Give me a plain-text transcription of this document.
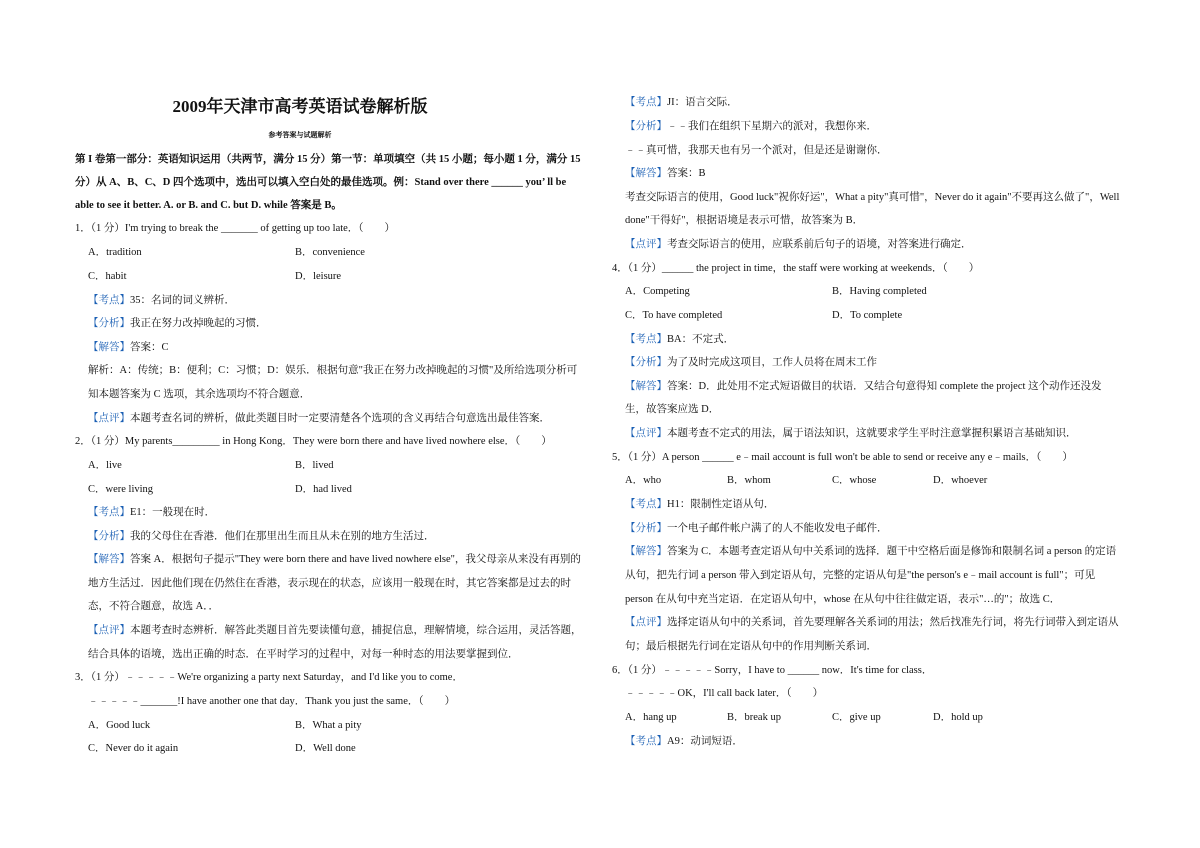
2009年天津市高考英语试卷解析版
参考答案与试题解析
第 I 卷第一部分：英语知识运用（共两节，满分 15 分）第一节：单项填空（共 15 小题；每小题 1 分，满分 15
分）从 A、B、C、D 四个选项中，选出可以填入空白处的最佳选项。例：Stand over there ______ you’ ll be
able to see it better. A. or B. and C. but D. while 答案是 B。
1．（1 分）I'm trying to break the _______ of getting up too late．（　　）
A．tradition	B．convenience
C．habit	D．leisure
【考点】35：名词的词义辨析．
【分析】我正在努力改掉晚起的习惯．
【解答】答案：C
解析：A：传统；B：便利；C：习惯；D：娱乐．根据句意"我正在努力改掉晚起的习惯"及所给选项分析可
知本题答案为 C 选项，其余选项均不符合题意．
【点评】本题考查名词的辨析，做此类题目时一定要清楚各个选项的含义再结合句意选出最佳答案．
2．（1 分）My parents_________ in Hong Kong．They were born there and have lived nowhere else．（　　）
A．live	B．lived
C．were living	D．had lived
【考点】E1：一般现在时．
【分析】我的父母住在香港．他们在那里出生而且从未在别的地方生活过．
【解答】答案 A．根据句子提示"They were born there and have lived nowhere else"，我父母亲从来没有再别的
地方生活过．因此他们现在仍然住在香港，表示现在的状态，应该用一般现在时，其它答案都是过去的时
态，不符合题意，故选 A．．
【点评】本题考查时态辨析．解答此类题目首先要读懂句意，捕捉信息，理解情境，综合运用，灵活答题，
结合具体的语境，选出正确的时态．在平时学习的过程中，对每一种时态的用法要掌握到位．
3．（1 分）﹣﹣﹣﹣﹣We're organizing a party next Saturday，and I'd like you to come．
﹣﹣﹣﹣﹣_______!I have another one that day．Thank you just the same．（　　）
A．Good luck	B．What a pity
C．Never do it again	D．Well done
【考点】JI：语言交际．
【分析】﹣﹣我们在组织下星期六的派对，我想你来．
﹣﹣真可惜，我那天也有另一个派对，但是还是谢谢你．
【解答】答案：B
考查交际语言的使用，Good luck"祝你好运"，What a pity"真可惜"，Never do it again"不要再这么做了"，Well
done"干得好"，根据语境是表示可惜，故答案为 B．
【点评】考查交际语言的使用，应联系前后句子的语境，对答案进行确定．
4．（1 分）______ the project in time，the staff were working at weekends．（　　）
A．Competing	B．Having completed
C．To have completed	D．To complete
【考点】BA：不定式．
【分析】为了及时完成这项目，工作人员将在周末工作
【解答】答案：D．此处用不定式短语做目的状语．又结合句意得知 complete the project 这个动作还没发
生，故答案应选 D．
【点评】本题考查不定式的用法，属于语法知识，这就要求学生平时注意掌握积累语言基础知识．
5．（1 分）A person ______ e﹣mail account is full won't be able to send or receive any e﹣mails．（　　）
A．who	B．whom	C．whose	D．whoever
【考点】H1：限制性定语从句．
【分析】一个电子邮件帐户满了的人不能收发电子邮件．
【解答】答案为 C．本题考查定语从句中关系词的选择．题干中空格后面是修饰和限制名词 a person 的定语
从句，把先行词 a person 带入到定语从句，完整的定语从句是"the person's e﹣mail account is full"；可见
person 在从句中充当定语．在定语从句中，whose 在从句中往往做定语，表示"…的"；故选 C．
【点评】选择定语从句中的关系词，首先要理解各关系词的用法；然后找准先行词，将先行词带入到定语从
句；最后根据先行词在定语从句中的作用判断关系词．
6．（1 分）﹣﹣﹣﹣﹣Sorry，I have to ______ now．It's time for class．
﹣﹣﹣﹣﹣OK，I'll call back later．（　　）
A．hang up	B．break up	C．give up	D．hold up
【考点】A9：动词短语．
